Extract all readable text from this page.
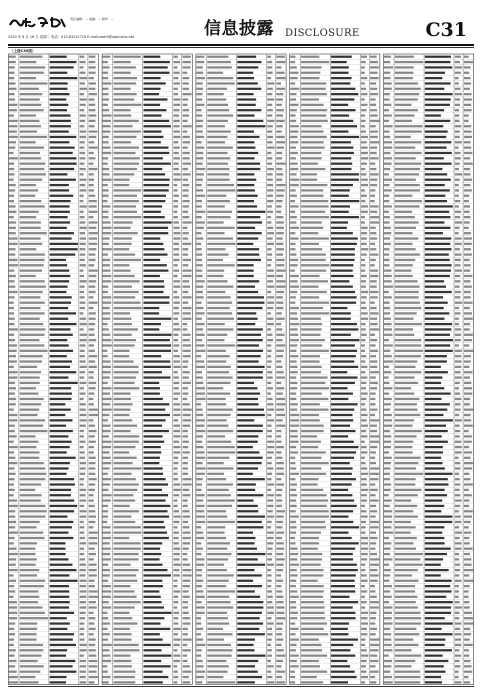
责任编辑：— 美编：— 制作：—
2020 年 6 月 16 日 星期二 电话：010-83251716 E-mail:zqrb9@zqrb.sina.net	信息披露 DISCLOSURE	C31
（上接C30版）
